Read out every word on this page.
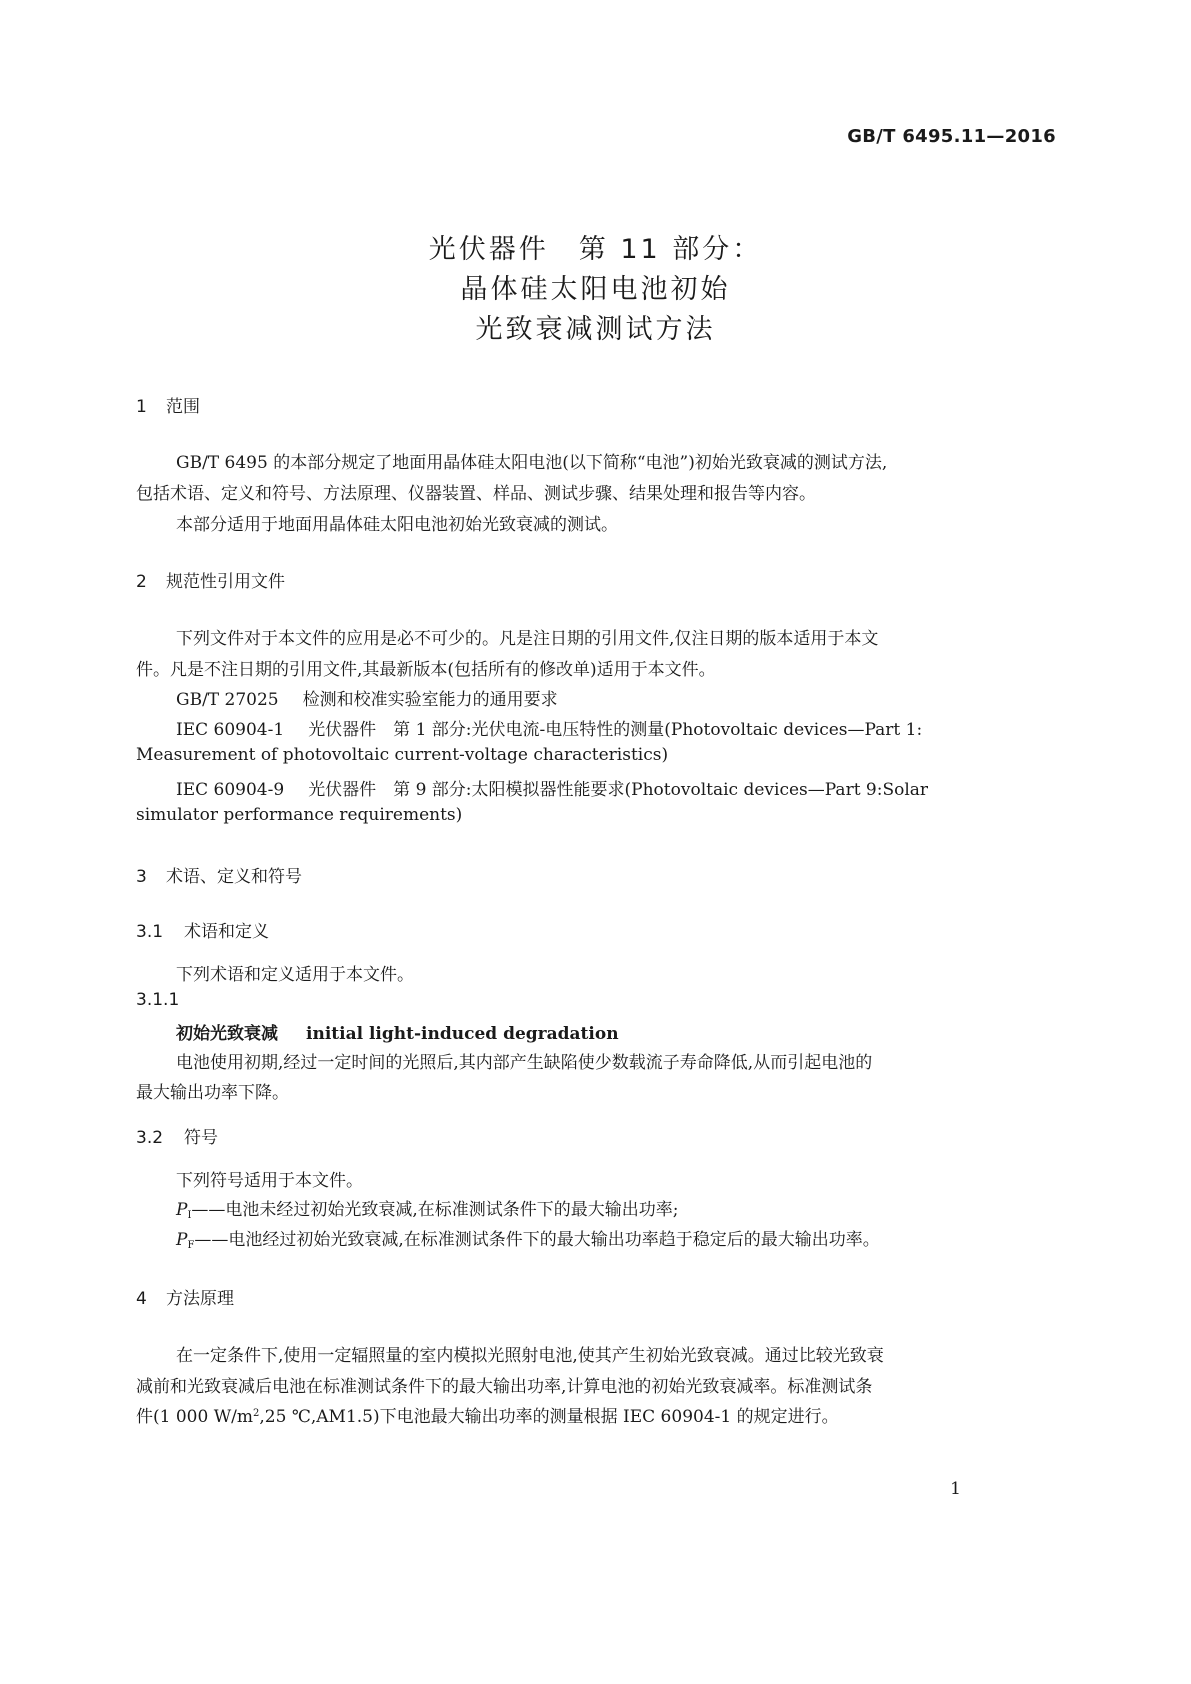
GB/T 6495.11—2016
光伏器件　第 11 部分：
晶体硅太阳电池初始
光致衰减测试方法
1 范围
GB/T 6495 的本部分规定了地面用晶体硅太阳电池(以下简称“电池”)初始光致衰减的测试方法,
包括术语、定义和符号、方法原理、仪器装置、样品、测试步骤、结果处理和报告等内容。
本部分适用于地面用晶体硅太阳电池初始光致衰减的测试。
2 规范性引用文件
下列文件对于本文件的应用是必不可少的。凡是注日期的引用文件,仅注日期的版本适用于本文
件。凡是不注日期的引用文件,其最新版本(包括所有的修改单)适用于本文件。
GB/T 27025 检测和校准实验室能力的通用要求
IEC 60904-1 光伏器件　第 1 部分:光伏电流-电压特性的测量(Photovoltaic devices—Part 1:
Measurement of photovoltaic current-voltage characteristics)
IEC 60904-9 光伏器件　第 9 部分:太阳模拟器性能要求(Photovoltaic devices—Part 9:Solar
simulator performance requirements)
3 术语、定义和符号
3.1 术语和定义
下列术语和定义适用于本文件。
3.1.1
初始光致衰减 initial light-induced degradation
电池使用初期,经过一定时间的光照后,其内部产生缺陷使少数载流子寿命降低,从而引起电池的
最大输出功率下降。
3.2 符号
下列符号适用于本文件。
$P_I——$电池未经过初始光致衰减,在标准测试条件下的最大输出功率;
$P_F——$电池经过初始光致衰减,在标准测试条件下的最大输出功率趋于稳定后的最大输出功率。
4 方法原理
在一定条件下,使用一定辐照量的室内模拟光照射电池,使其产生初始光致衰减。通过比较光致衰
减前和光致衰减后电池在标准测试条件下的最大输出功率,计算电池的初始光致衰减率。标准测试条
件(1 000 $W/m^2,25$ ℃,AM1.5)下电池最大输出功率的测量根据 IEC 60904-1 的规定进行。
1
